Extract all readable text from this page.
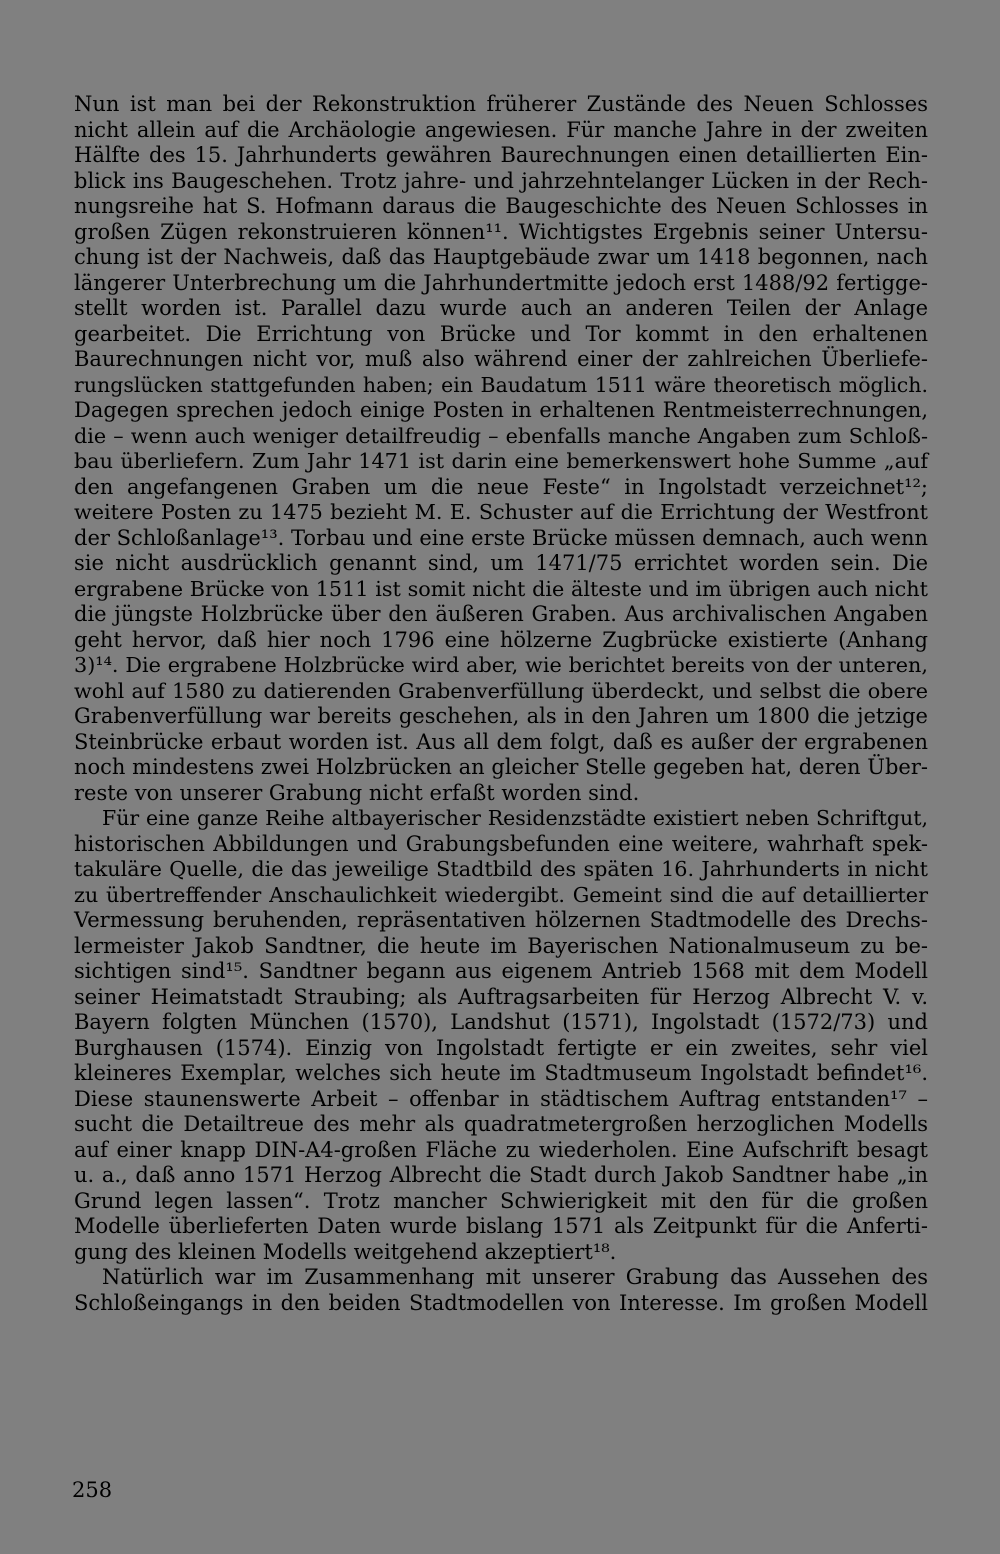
Nun ist man bei der Rekonstruktion früherer Zustände des Neuen Schlosses
nicht allein auf die Archäologie angewiesen. Für manche Jahre in der zweiten
Hälfte des 15. Jahrhunderts gewähren Baurechnungen einen detaillierten Ein-
blick ins Baugeschehen. Trotz jahre- und jahrzehntelanger Lücken in der Rech-
nungsreihe hat S. Hofmann daraus die Baugeschichte des Neuen Schlosses in
großen Zügen rekonstruieren können¹¹. Wichtigstes Ergebnis seiner Untersu-
chung ist der Nachweis, daß das Hauptgebäude zwar um 1418 begonnen, nach
längerer Unterbrechung um die Jahrhundertmitte jedoch erst 1488/92 fertigge-
stellt worden ist. Parallel dazu wurde auch an anderen Teilen der Anlage
gearbeitet. Die Errichtung von Brücke und Tor kommt in den erhaltenen
Baurechnungen nicht vor, muß also während einer der zahlreichen Überliefe-
rungslücken stattgefunden haben; ein Baudatum 1511 wäre theoretisch möglich.
Dagegen sprechen jedoch einige Posten in erhaltenen Rentmeisterrechnungen,
die – wenn auch weniger detailfreudig – ebenfalls manche Angaben zum Schloß-
bau überliefern. Zum Jahr 1471 ist darin eine bemerkenswert hohe Summe „auf
den angefangenen Graben um die neue Feste“ in Ingolstadt verzeichnet¹²;
weitere Posten zu 1475 bezieht M. E. Schuster auf die Errichtung der Westfront
der Schloßanlage¹³. Torbau und eine erste Brücke müssen demnach, auch wenn
sie nicht ausdrücklich genannt sind, um 1471/75 errichtet worden sein. Die
ergrabene Brücke von 1511 ist somit nicht die älteste und im übrigen auch nicht
die jüngste Holzbrücke über den äußeren Graben. Aus archivalischen Angaben
geht hervor, daß hier noch 1796 eine hölzerne Zugbrücke existierte (Anhang
3)¹⁴. Die ergrabene Holzbrücke wird aber, wie berichtet bereits von der unteren,
wohl auf 1580 zu datierenden Grabenverfüllung überdeckt, und selbst die obere
Grabenverfüllung war bereits geschehen, als in den Jahren um 1800 die jetzige
Steinbrücke erbaut worden ist. Aus all dem folgt, daß es außer der ergrabenen
noch mindestens zwei Holzbrücken an gleicher Stelle gegeben hat, deren Über-
reste von unserer Grabung nicht erfaßt worden sind.
Für eine ganze Reihe altbayerischer Residenzstädte existiert neben Schriftgut,
historischen Abbildungen und Grabungsbefunden eine weitere, wahrhaft spek-
takuläre Quelle, die das jeweilige Stadtbild des späten 16. Jahrhunderts in nicht
zu übertreffender Anschaulichkeit wiedergibt. Gemeint sind die auf detaillierter
Vermessung beruhenden, repräsentativen hölzernen Stadtmodelle des Drechs-
lermeister Jakob Sandtner, die heute im Bayerischen Nationalmuseum zu be-
sichtigen sind¹⁵. Sandtner begann aus eigenem Antrieb 1568 mit dem Modell
seiner Heimatstadt Straubing; als Auftragsarbeiten für Herzog Albrecht V. v.
Bayern folgten München (1570), Landshut (1571), Ingolstadt (1572/73) und
Burghausen (1574). Einzig von Ingolstadt fertigte er ein zweites, sehr viel
kleineres Exemplar, welches sich heute im Stadtmuseum Ingolstadt befindet¹⁶.
Diese staunenswerte Arbeit – offenbar in städtischem Auftrag entstanden¹⁷ –
sucht die Detailtreue des mehr als quadratmetergroßen herzoglichen Modells
auf einer knapp DIN-A4-großen Fläche zu wiederholen. Eine Aufschrift besagt
u. a., daß anno 1571 Herzog Albrecht die Stadt durch Jakob Sandtner habe „in
Grund legen lassen“. Trotz mancher Schwierigkeit mit den für die großen
Modelle überlieferten Daten wurde bislang 1571 als Zeitpunkt für die Anferti-
gung des kleinen Modells weitgehend akzeptiert¹⁸.
Natürlich war im Zusammenhang mit unserer Grabung das Aussehen des
Schloßeingangs in den beiden Stadtmodellen von Interesse. Im großen Modell
258
